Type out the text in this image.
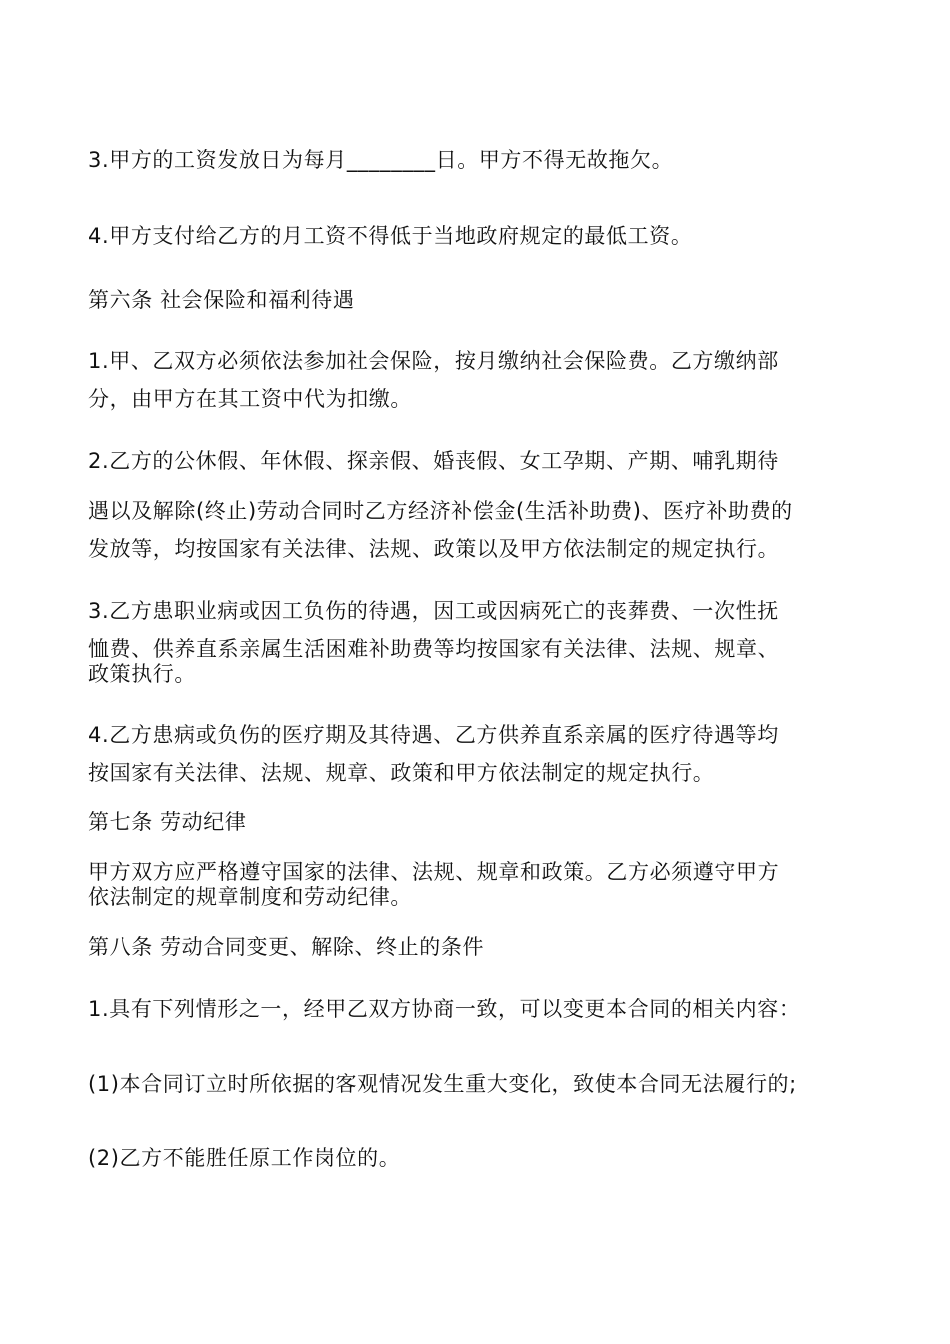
3.甲方的工资发放日为每月________日。甲方不得无故拖欠。
4.甲方支付给乙方的月工资不得低于当地政府规定的最低工资。
第六条 社会保险和福利待遇
1.甲、乙双方必须依法参加社会保险，按月缴纳社会保险费。乙方缴纳部
分，由甲方在其工资中代为扣缴。
2.乙方的公休假、年休假、探亲假、婚丧假、女工孕期、产期、哺乳期待
遇以及解除(终止)劳动合同时乙方经济补偿金(生活补助费)、医疗补助费的
发放等，均按国家有关法律、法规、政策以及甲方依法制定的规定执行。
3.乙方患职业病或因工负伤的待遇，因工或因病死亡的丧葬费、一次性抚
恤费、供养直系亲属生活困难补助费等均按国家有关法律、法规、规章、
政策执行。
4.乙方患病或负伤的医疗期及其待遇、乙方供养直系亲属的医疗待遇等均
按国家有关法律、法规、规章、政策和甲方依法制定的规定执行。
第七条 劳动纪律
甲方双方应严格遵守国家的法律、法规、规章和政策。乙方必须遵守甲方
依法制定的规章制度和劳动纪律。
第八条 劳动合同变更、解除、终止的条件
1.具有下列情形之一，经甲乙双方协商一致，可以变更本合同的相关内容：
(1)本合同订立时所依据的客观情况发生重大变化，致使本合同无法履行的;
(2)乙方不能胜任原工作岗位的。
